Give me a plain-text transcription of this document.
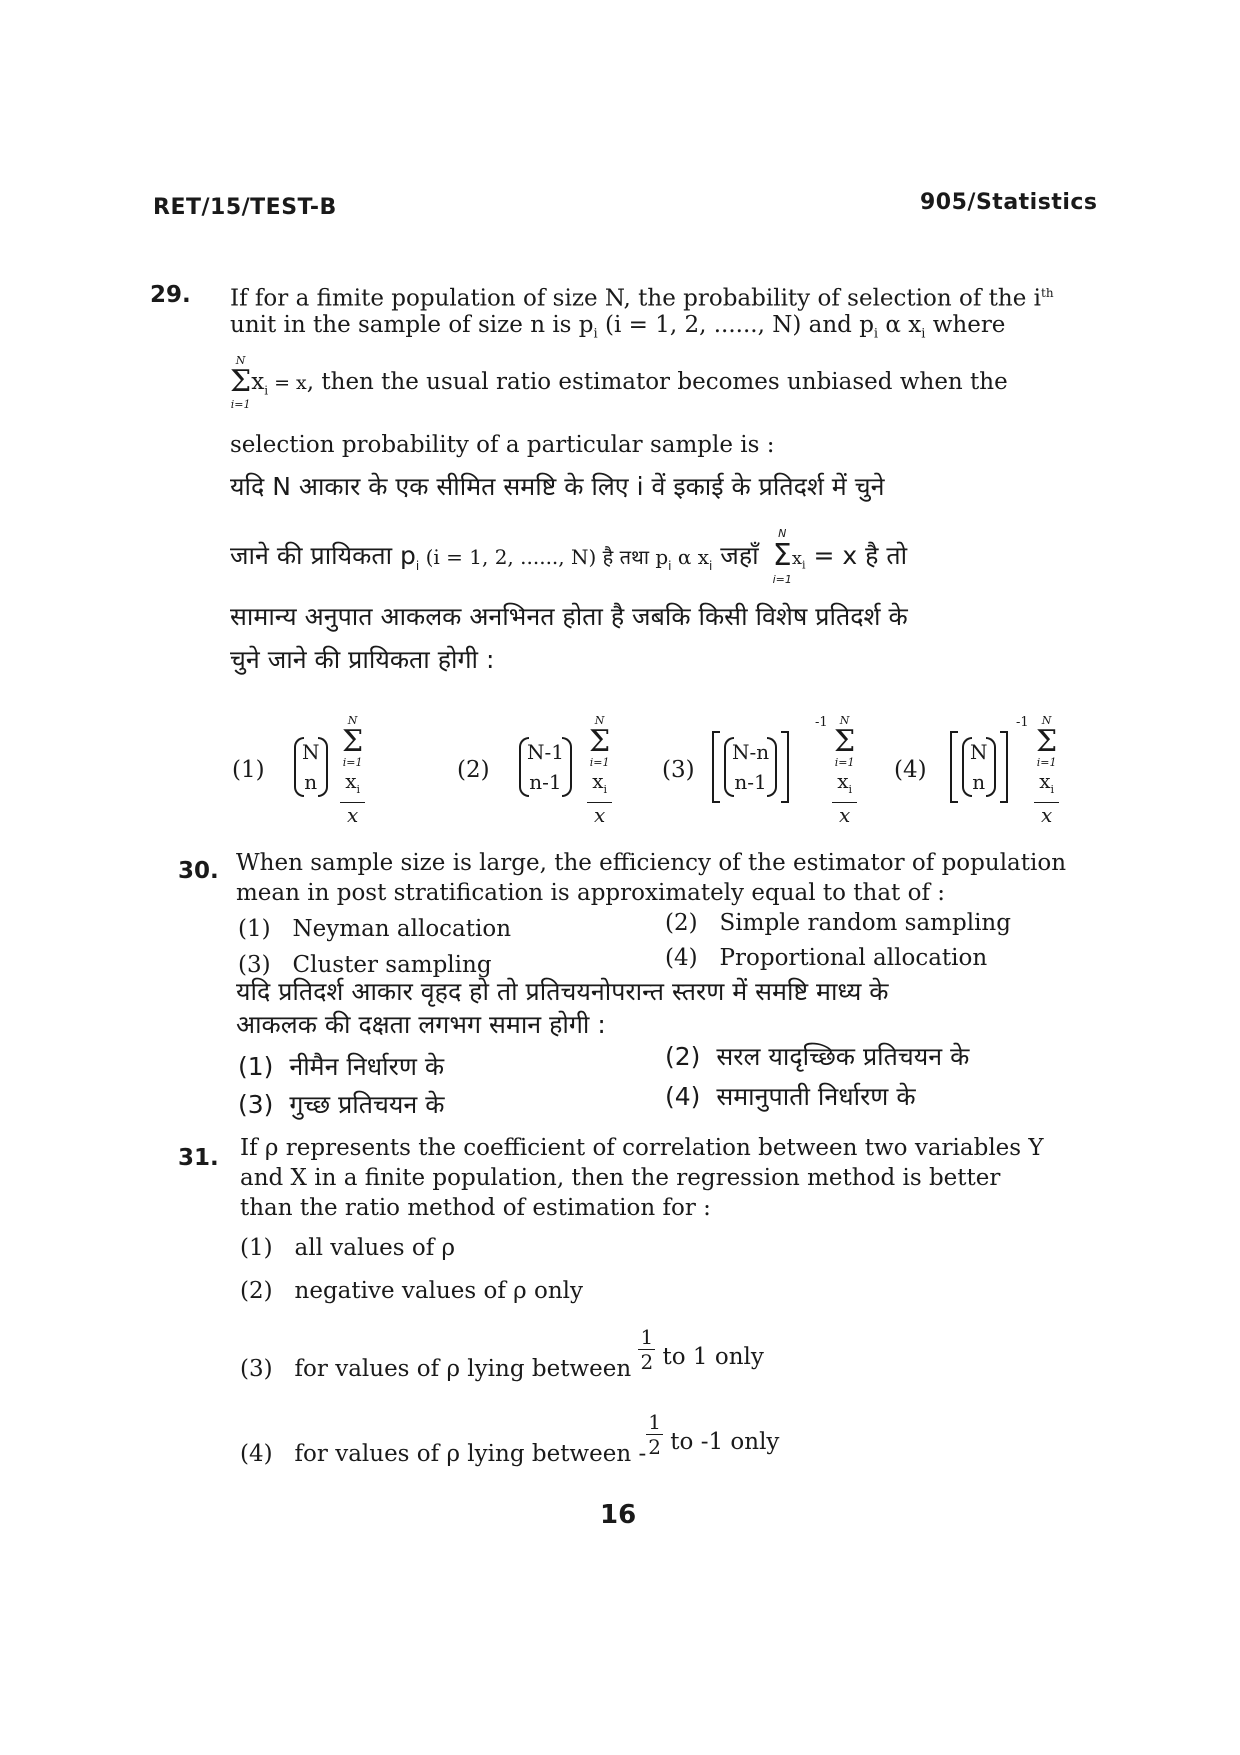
RET/15/TEST-B	905/Statistics
29. If for a fimite population of size N, the probability of selection of the $i^{th}$
unit in the sample of size n is $p_i$ (i = 1, 2, ......, N) and $p_i$ α $x_i$ where
N
Σ
i=1
$x_i = x$, then the usual ratio estimator becomes unbiased when the
selection probability of a particular sample is :
यदि N आकार के एक सीमित समष्टि के लिए i वें इकाई के प्रतिदर्श में चुने
जाने की प्रायिकता $p_i$ (i = 1, 2, ......, N) है तथा $p_i$ α $x_i$ जहाँ
N
Σ
i=1
$x_i = x$ है तो
सामान्य अनुपात आकलक अनभिनत होता है जबकि किसी विशेष प्रतिदर्श के
चुने जाने की प्रायिकता होगी :
(1)
N
n
N
Σ
i=1
$x_i$
x
(2)
N-1
n-1
N
Σ
i=1
$x_i$
x
(3)
N-n
n-1
-1	N
Σ
i=1
$x_i$
x
(4)
N
n
-1	N
Σ
i=1
$x_i$
x
30. When sample size is large, the efficiency of the estimator of population
mean in post stratification is approximately equal to that of :
(1) Neyman allocation	(2) Simple random sampling
(3) Cluster sampling	(4) Proportional allocation
यदि प्रतिदर्श आकार वृहद हो तो प्रतिचयनोपरान्त स्तरण में समष्टि माध्य के
आकलक की दक्षता लगभग समान होगी :
(1) नीमैन निर्धारण के	(2) सरल यादृच्छिक प्रतिचयन के
(3) गुच्छ प्रतिचयन के	(4) समानुपाती निर्धारण के
31. If ρ represents the coefficient of correlation between two variables Y
and X in a finite population, then the regression method is better
than the ratio method of estimation for :
(1) all values of ρ
(2) negative values of ρ only
(3) for values of ρ lying between $\frac{1}{2}$ to 1 only
(4) for values of ρ lying between - $\frac{1}{2}$ to -1 only
16
